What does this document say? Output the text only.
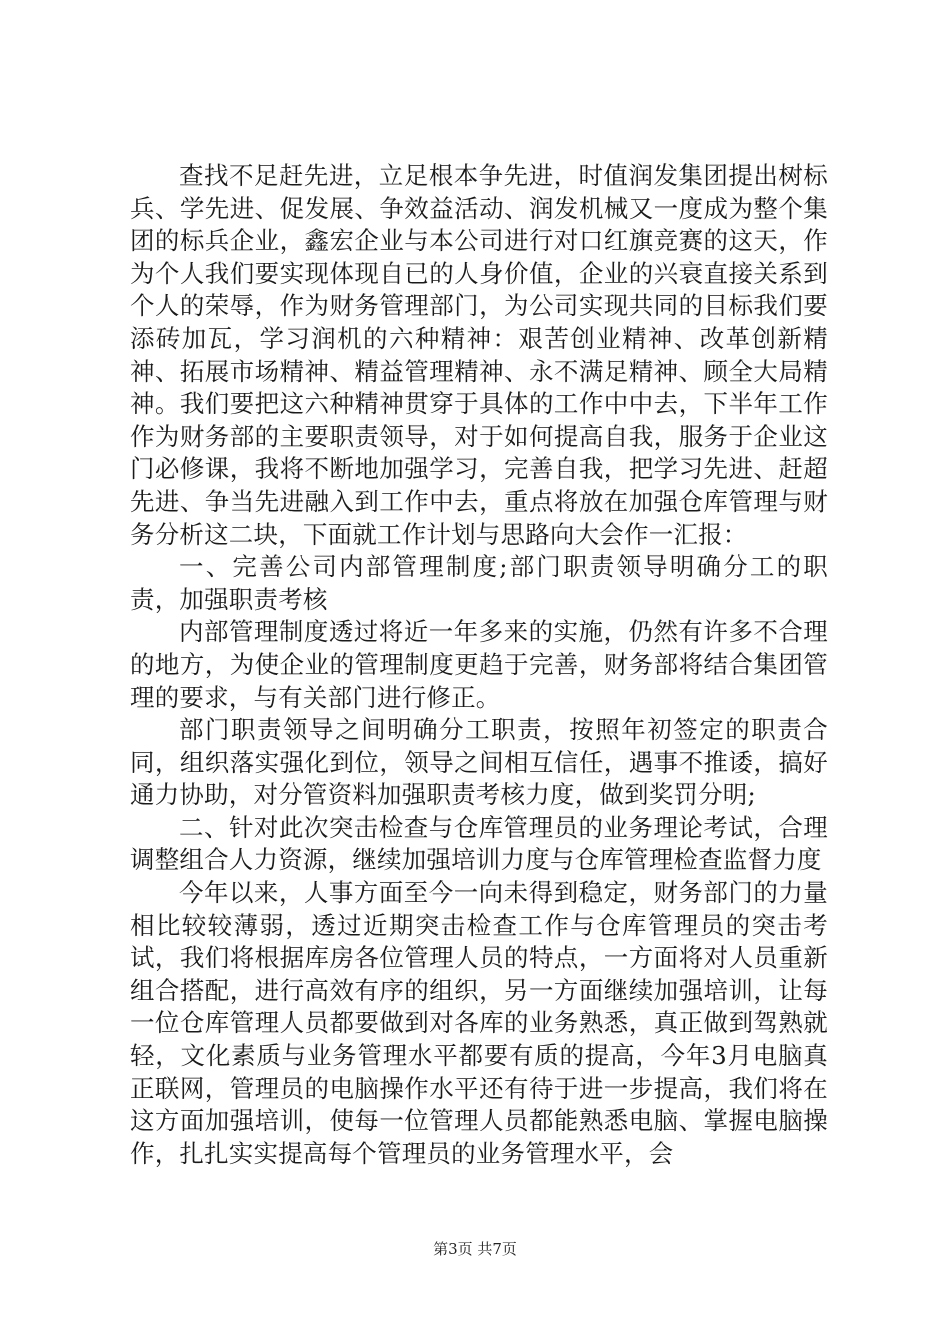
查找不足赶先进，立足根本争先进，时值润发集团提出树标兵、学先进、促发展、争效益活动、润发机械又一度成为整个集团的标兵企业，鑫宏企业与本公司进行对口红旗竞赛的这天，作为个人我们要实现体现自已的人身价值，企业的兴衰直接关系到个人的荣辱，作为财务管理部门，为公司实现共同的目标我们要添砖加瓦，学习润机的六种精神：艰苦创业精神、改革创新精神、拓展市场精神、精益管理精神、永不满足精神、顾全大局精神。我们要把这六种精神贯穿于具体的工作中中去，下半年工作作为财务部的主要职责领导，对于如何提高自我，服务于企业这门必修课，我将不断地加强学习，完善自我，把学习先进、赶超先进、争当先进融入到工作中去，重点将放在加强仓库管理与财务分析这二块，下面就工作计划与思路向大会作一汇报：

一、完善公司内部管理制度;部门职责领导明确分工的职责，加强职责考核

内部管理制度透过将近一年多来的实施，仍然有许多不合理的地方，为使企业的管理制度更趋于完善，财务部将结合集团管理的要求，与有关部门进行修正。

部门职责领导之间明确分工职责，按照年初签定的职责合同，组织落实强化到位，领导之间相互信任，遇事不推诿，搞好通力协助，对分管资料加强职责考核力度，做到奖罚分明;

二、针对此次突击检查与仓库管理员的业务理论考试，合理调整组合人力资源，继续加强培训力度与仓库管理检查监督力度

今年以来，人事方面至今一向未得到稳定，财务部门的力量相比较较薄弱，透过近期突击检查工作与仓库管理员的突击考试，我们将根据库房各位管理人员的特点，一方面将对人员重新组合搭配，进行高效有序的组织，另一方面继续加强培训，让每一位仓库管理人员都要做到对各库的业务熟悉，真正做到驾熟就轻，文化素质与业务管理水平都要有质的提高，今年3月电脑真正联网，管理员的电脑操作水平还有待于进一步提高，我们将在这方面加强培训，使每一位管理人员都能熟悉电脑、掌握电脑操作，扎扎实实提高每个管理员的业务管理水平，会

第3页 共7页
